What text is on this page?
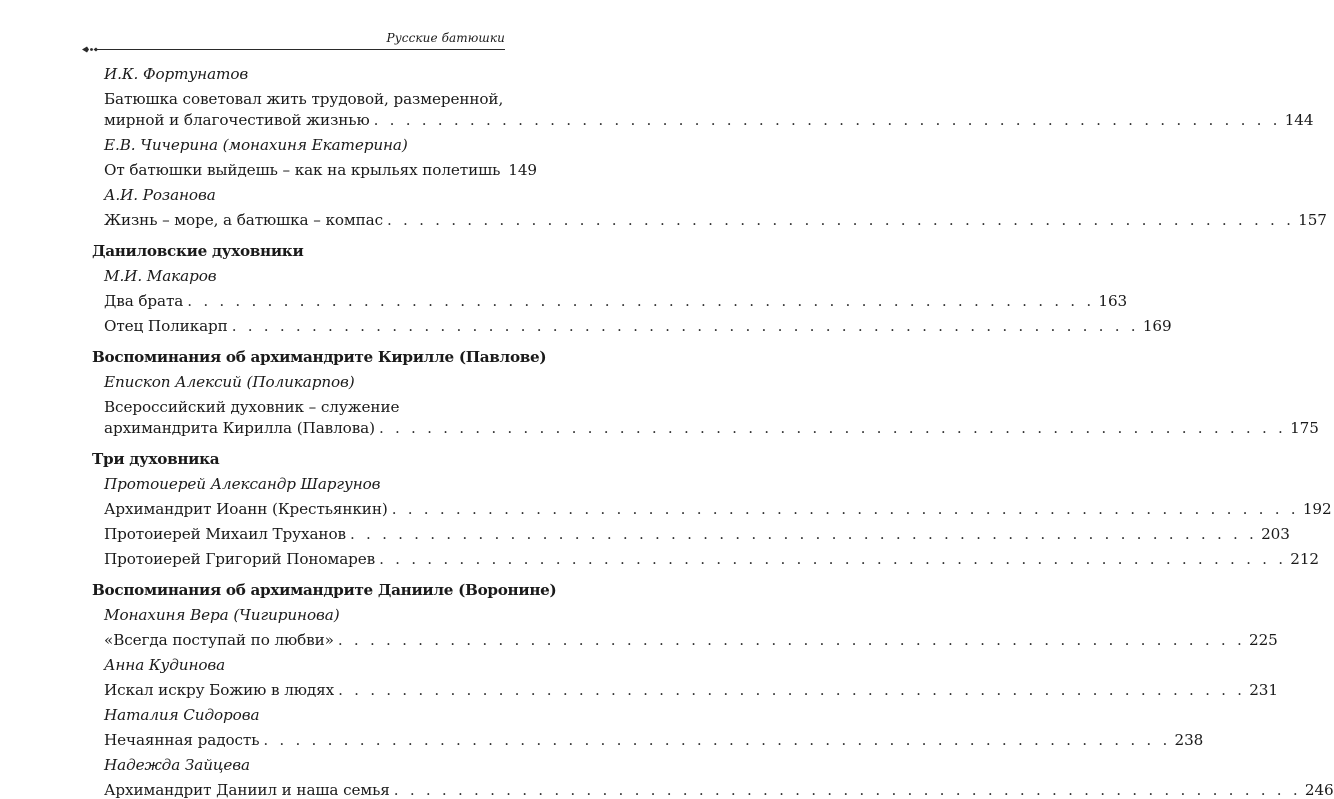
Русские батюшки
И.К. Фортунатов
Батюшка советовал жить трудовой, размеренной,
мирной и благочестивой жизнью . . . . . . . . . . . . . . . . . . . . . . . . . . . . . . . . . . . . . . . . . . . . . . . . . . . . . . . . . 144
Е.В. Чичерина (монахиня Екатерина)
От батюшки выйдешь – как на крыльях полетишь 149
А.И. Розанова
Жизнь – море, а батюшка – компас . . . . . . . . . . . . . . . . . . . . . . . . . . . . . . . . . . . . . . . . . . . . . . . . . . . . . . . . . 157
Даниловские духовники
М.И. Макаров
Два брата . . . . . . . . . . . . . . . . . . . . . . . . . . . . . . . . . . . . . . . . . . . . . . . . . . . . . . . . . 163
Отец Поликарп . . . . . . . . . . . . . . . . . . . . . . . . . . . . . . . . . . . . . . . . . . . . . . . . . . . . . . . . . 169
Воспоминания об архимандрите Кирилле (Павлове)
Епископ Алексий (Поликарпов)
Всероссийский духовник – служение
архимандрита Кирилла (Павлова) . . . . . . . . . . . . . . . . . . . . . . . . . . . . . . . . . . . . . . . . . . . . . . . . . . . . . . . . . 175
Три духовника
Протоиерей Александр Шаргунов
Архимандрит Иоанн (Крестьянкин) . . . . . . . . . . . . . . . . . . . . . . . . . . . . . . . . . . . . . . . . . . . . . . . . . . . . . . . . . 192
Протоиерей Михаил Труханов . . . . . . . . . . . . . . . . . . . . . . . . . . . . . . . . . . . . . . . . . . . . . . . . . . . . . . . . . 203
Протоиерей Григорий Пономарев . . . . . . . . . . . . . . . . . . . . . . . . . . . . . . . . . . . . . . . . . . . . . . . . . . . . . . . . . 212
Воспоминания об архимандрите Данииле (Воронине)
Монахиня Вера (Чигиринова)
«Всегда поступай по любви» . . . . . . . . . . . . . . . . . . . . . . . . . . . . . . . . . . . . . . . . . . . . . . . . . . . . . . . . . 225
Анна Кудинова
Искал искру Божию в людях . . . . . . . . . . . . . . . . . . . . . . . . . . . . . . . . . . . . . . . . . . . . . . . . . . . . . . . . . 231
Наталия Сидорова
Нечаянная радость . . . . . . . . . . . . . . . . . . . . . . . . . . . . . . . . . . . . . . . . . . . . . . . . . . . . . . . . . 238
Надежда Зайцева
Архимандрит Даниил и наша семья . . . . . . . . . . . . . . . . . . . . . . . . . . . . . . . . . . . . . . . . . . . . . . . . . . . . . . . . . 246
